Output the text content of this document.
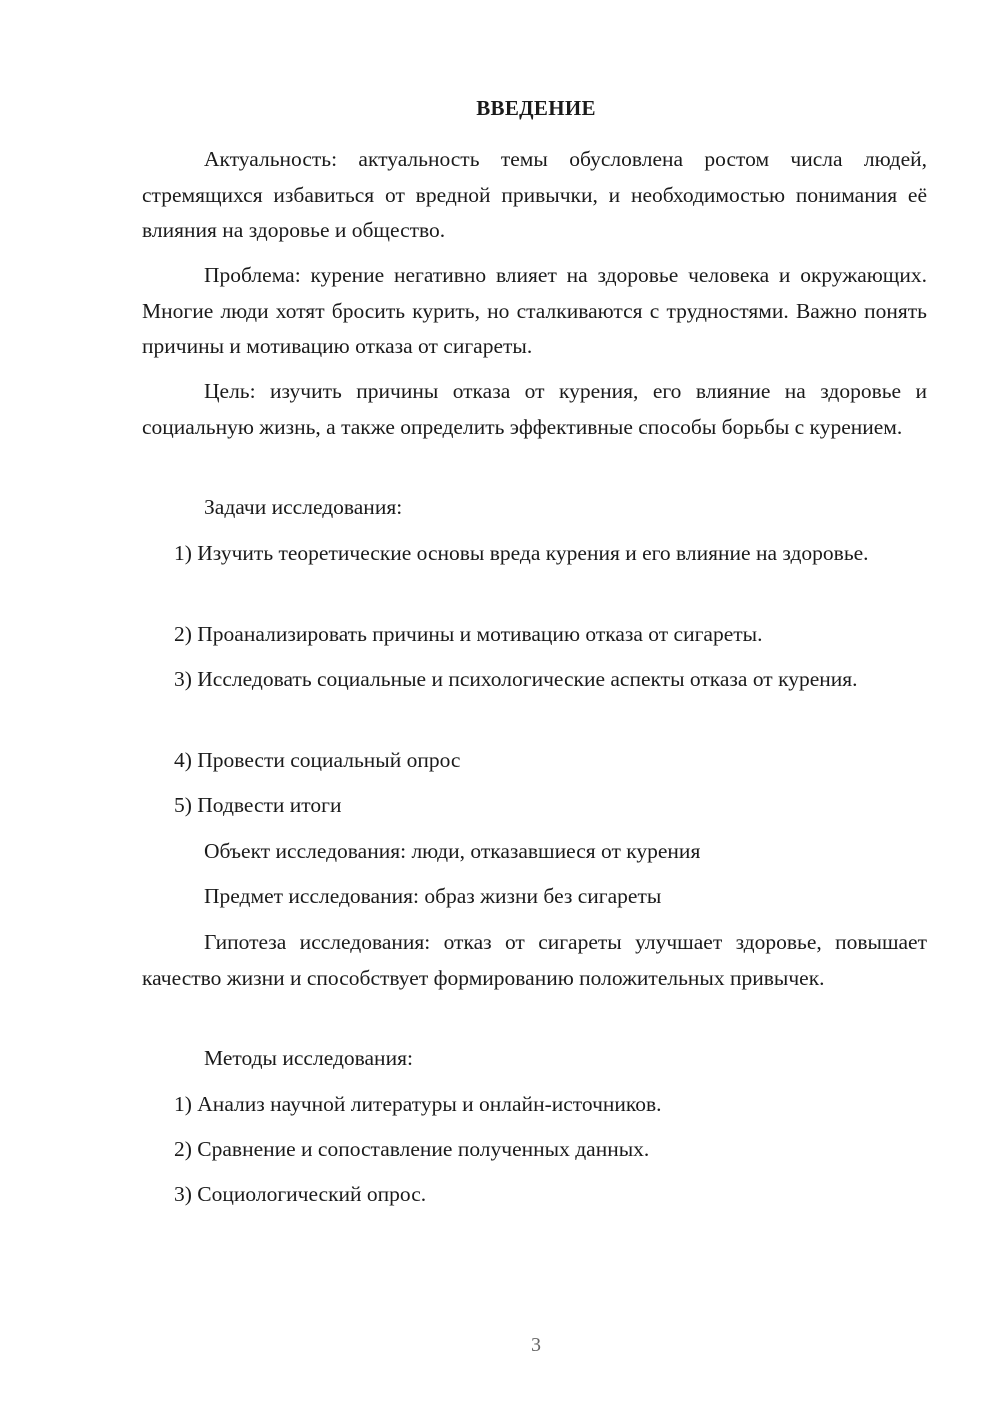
ВВЕДЕНИЕ

Актуальность: актуальность темы обусловлена ростом числа людей, стремящихся избавиться от вредной привычки, и необходимостью понимания её влияния на здоровье и общество.

Проблема: курение негативно влияет на здоровье человека и окружающих. Многие люди хотят бросить курить, но сталкиваются с трудностями. Важно понять причины и мотивацию отказа от сигареты.

Цель: изучить причины отказа от курения, его влияние на здоровье и социальную жизнь, а также определить эффективные способы борьбы с курением.

Задачи исследования:

1) Изучить теоретические основы вреда курения и его влияние на здоровье.

2) Проанализировать причины и мотивацию отказа от сигареты.

3) Исследовать социальные и психологические аспекты отказа от курения.

4) Провести социальный опрос

5) Подвести итоги

Объект исследования: люди, отказавшиеся от курения

Предмет исследования: образ жизни без сигареты

Гипотеза исследования: отказ от сигареты улучшает здоровье, повышает качество жизни и способствует формированию положительных привычек.

Методы исследования:

1) Анализ научной литературы и онлайн-источников.

2) Сравнение и сопоставление полученных данных.

3) Социологический опрос.

3
